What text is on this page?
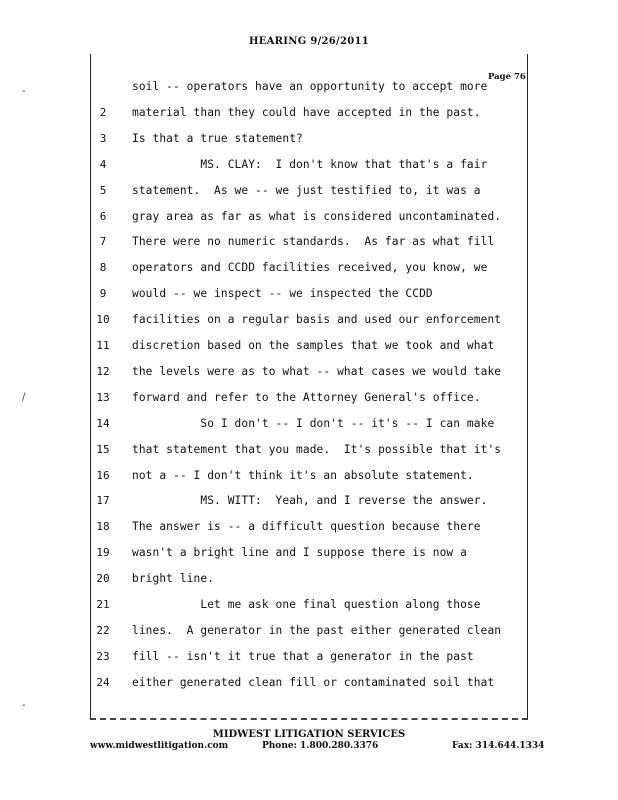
HEARING 9/26/2011
Page 76
-
/
-
soil -- operators have an opportunity to accept more
2	material than they could have accepted in the past.
3	Is that a true statement?
4	MS. CLAY:  I don't know that that's a fair
5	statement.  As we -- we just testified to, it was a
6	gray area as far as what is considered uncontaminated.
7	There were no numeric standards.  As far as what fill
8	operators and CCDD facilities received, you know, we
9	would -- we inspect -- we inspected the CCDD
10	facilities on a regular basis and used our enforcement
11	discretion based on the samples that we took and what
12	the levels were as to what -- what cases we would take
13	forward and refer to the Attorney General's office.
14	So I don't -- I don't -- it's -- I can make
15	that statement that you made.  It's possible that it's
16	not a -- I don't think it's an absolute statement.
17	MS. WITT:  Yeah, and I reverse the answer.
18	The answer is -- a difficult question because there
19	wasn't a bright line and I suppose there is now a
20	bright line.
21	Let me ask one final question along those
22	lines.  A generator in the past either generated clean
23	fill -- isn't it true that a generator in the past
24	either generated clean fill or contaminated soil that
MIDWEST LITIGATION SERVICES
www.midwestlitigation.com	Phone: 1.800.280.3376	Fax: 314.644.1334
